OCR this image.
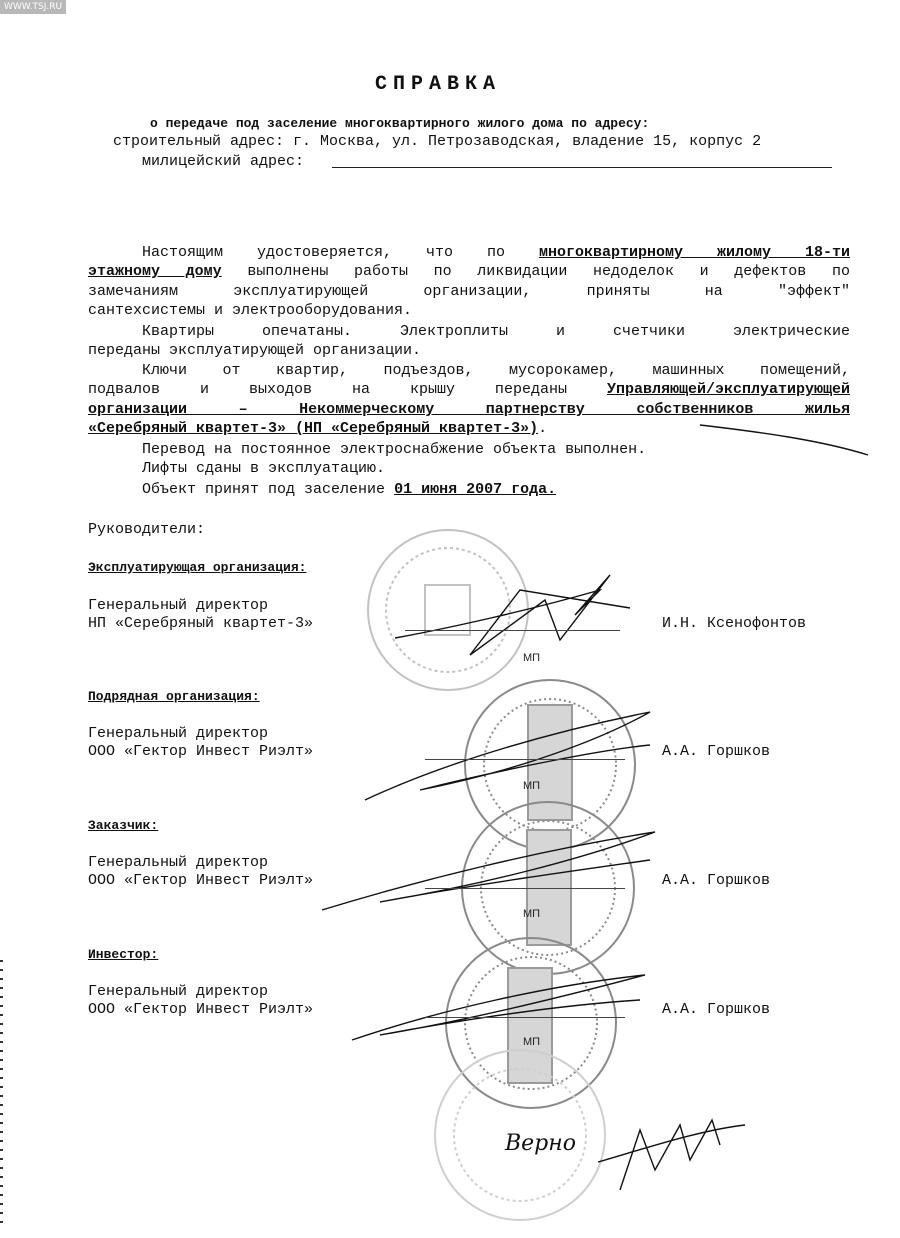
WWW.TSJ.RU
Верно
СПРАВКА
о передаче под заселение многоквартирного жилого дома по адресу:
строительный адрес: г. Москва, ул. Петрозаводская, владение 15, корпус 2
милицейский адрес:
Настоящим удостоверяется, что по многоквартирному жилому 18-ти
этажному дому выполнены работы по ликвидации недоделок и дефектов по
замечаниям эксплуатирующей организации, приняты на "эффект"
сантехсистемы и электрооборудования.
Квартиры опечатаны. Электроплиты и счетчики электрические
переданы эксплуатирующей организации.
Ключи от квартир, подъездов, мусорокамер, машинных помещений,
подвалов и выходов на крышу переданы	Управляющей/эксплуатирующей
организации – Некоммерческому партнерству собственников жилья
«Серебряный квартет-3» (НП «Серебряный квартет-3»).
Перевод на постоянное электроснабжение объекта выполнен.
Лифты сданы в эксплуатацию.
Объект принят под заселение 01 июня 2007 года.
Руководители:
Эксплуатирующая организация:
Генеральный директор
НП «Серебряный квартет-3»
МП
И.Н. Ксенофонтов
Подрядная организация:
Генеральный директор
ООО «Гектор Инвест Риэлт»
МП
А.А. Горшков
Заказчик:
Генеральный директор
ООО «Гектор Инвест Риэлт»
МП
А.А. Горшков
Инвестор:
Генеральный директор
ООО «Гектор Инвест Риэлт»
МП
А.А. Горшков
